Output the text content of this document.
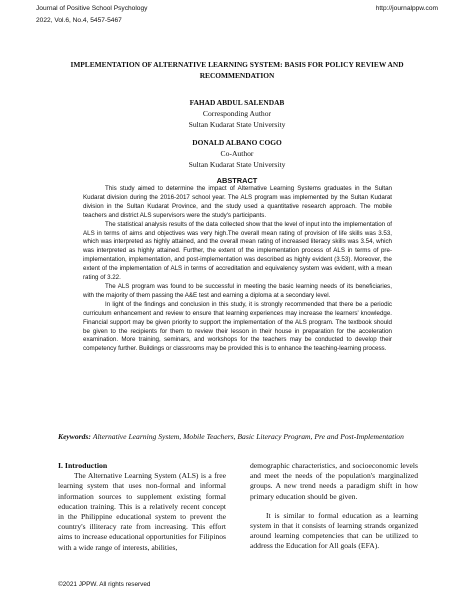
Journal of Positive School Psychology
2022, Vol.6, No.4, 5457-5467
http://journalppw.com
IMPLEMENTATION OF ALTERNATIVE LEARNING SYSTEM: BASIS FOR POLICY REVIEW AND RECOMMENDATION
FAHAD ABDUL SALENDAB
Corresponding Author
Sultan Kudarat State University
DONALD ALBANO COGO
Co-Author
Sultan Kudarat State University
ABSTRACT

This study aimed to determine the impact of Alternative Learning Systems graduates in the Sultan Kudarat division during the 2016-2017 school year. The ALS program was implemented by the Sultan Kudarat division in the Sultan Kudarat Province, and the study used a quantitative research approach. The mobile teachers and district ALS supervisors were the study's participants.

The statistical analysis results of the data collected show that the level of input into the implementation of ALS in terms of aims and objectives was very high.The overall mean rating of provision of life skills was 3.53, which was interpreted as highly attained, and the overall mean rating of increased literacy skills was 3.54, which was interpreted as highly attained. Further, the extent of the implementation process of ALS in terms of pre-implementation, implementation, and post-implementation was described as highly evident (3.53). Moreover, the extent of the implementation of ALS in terms of accreditation and equivalency system was evident, with a mean rating of 3.22.

The ALS program was found to be successful in meeting the basic learning needs of its beneficiaries, with the majority of them passing the A&E test and earning a diploma at a secondary level.

In light of the findings and conclusion in this study, it is strongly recommended that there be a periodic curriculum enhancement and review to ensure that learning experiences may increase the learners' knowledge. Financial support may be given priority to support the implementation of the ALS program. The textbook should be given to the recipients for them to review their lesson in their house in preparation for the acceleration examination. More training, seminars, and workshops for the teachers may be conducted to develop their competency further. Buildings or classrooms may be provided this is to enhance the teaching-learning process.

Keywords: Alternative Learning System, Mobile Teachers, Basic Literacy Program, Pre and Post-Implementation

I. Introduction

The Alternative Learning System (ALS) is a free learning system that uses non-formal and informal information sources to supplement existing formal education training. This is a relatively recent concept in the Philippine educational system to prevent the country's illiteracy rate from increasing. This effort aims to increase educational opportunities for Filipinos with a wide range of interests, abilities,

demographic characteristics, and socioeconomic levels and meet the needs of the population's marginalized groups. A new trend needs a paradigm shift in how primary education should be given.

It is similar to formal education as a learning system in that it consists of learning strands organized around learning competencies that can be utilized to address the Education for All goals (EFA).

©2021 JPPW. All rights reserved
